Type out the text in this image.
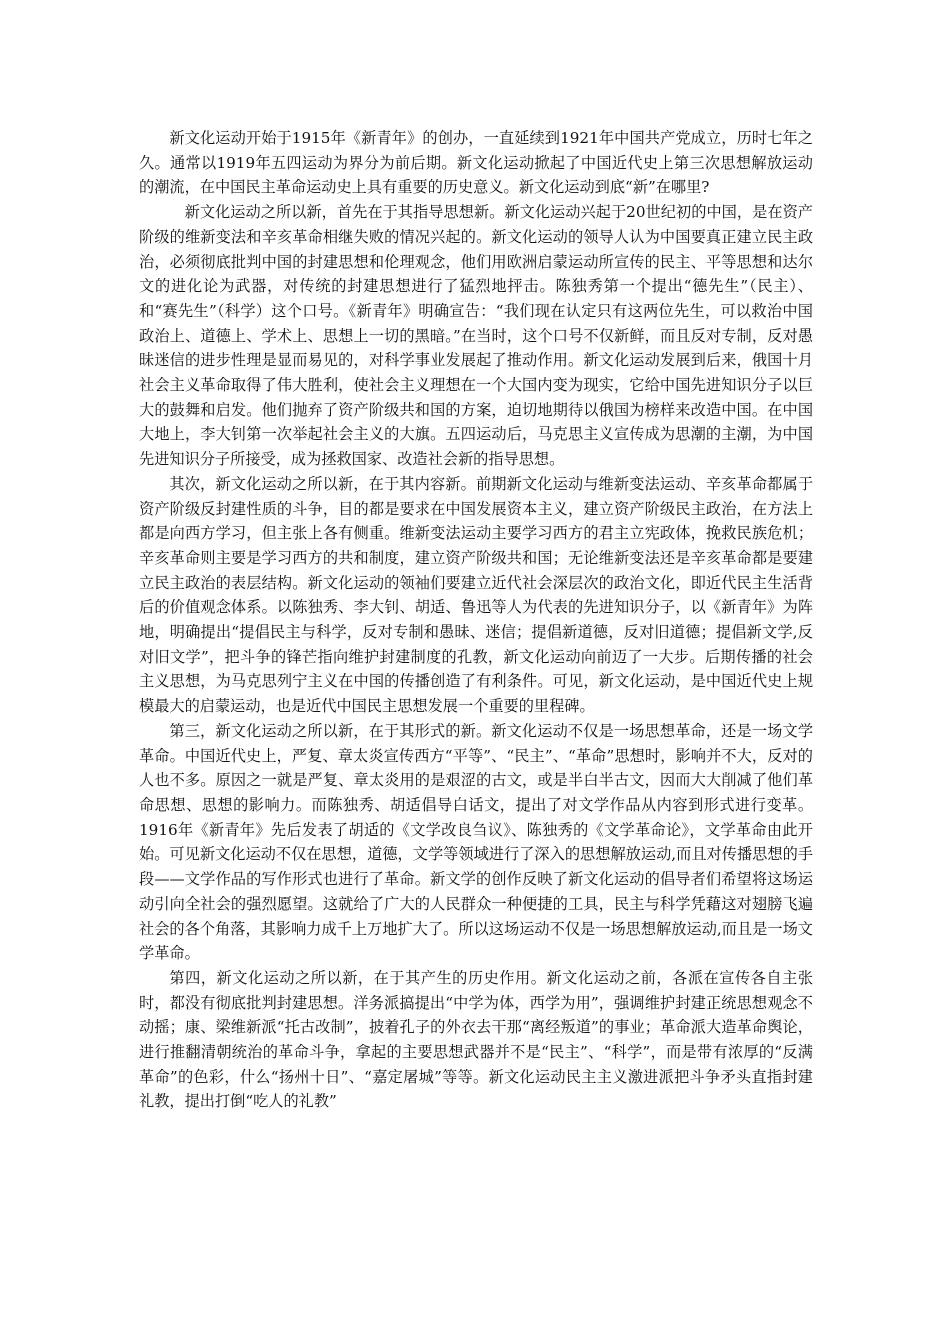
新文化运动开始于1915年《新青年》的创办，一直延续到1921年中国共产党成立，历时七年之久。通常以1919年五四运动为界分为前后期。新文化运动掀起了中国近代史上第三次思想解放运动的潮流，在中国民主革命运动史上具有重要的历史意义。新文化运动到底“新”在哪里?

新文化运动之所以新，首先在于其指导思想新。新文化运动兴起于20世纪初的中国，是在资产阶级的维新变法和辛亥革命相继失败的情况兴起的。新文化运动的领导人认为中国要真正建立民主政治，必须彻底批判中国的封建思想和伦理观念，他们用欧洲启蒙运动所宣传的民主、平等思想和达尔文的进化论为武器，对传统的封建思想进行了猛烈地抨击。陈独秀第一个提出“德先生”（民主）、和“赛先生”（科学）这个口号。《新青年》明确宣告：“我们现在认定只有这两位先生，可以救治中国政治上、道德上、学术上、思想上一切的黑暗。”在当时，这个口号不仅新鲜，而且反对专制，反对愚昧迷信的进步性理是显而易见的，对科学事业发展起了推动作用。新文化运动发展到后来，俄国十月社会主义革命取得了伟大胜利，使社会主义理想在一个大国内变为现实，它给中国先进知识分子以巨大的鼓舞和启发。他们抛弃了资产阶级共和国的方案，迫切地期待以俄国为榜样来改造中国。在中国大地上，李大钊第一次举起社会主义的大旗。五四运动后，马克思主义宣传成为思潮的主潮，为中国先进知识分子所接受，成为拯救国家、改造社会新的指导思想。

其次，新文化运动之所以新，在于其内容新。前期新文化运动与维新变法运动、辛亥革命都属于资产阶级反封建性质的斗争，目的都是要求在中国发展资本主义，建立资产阶级民主政治，在方法上都是向西方学习，但主张上各有侧重。维新变法运动主要学习西方的君主立宪政体，挽救民族危机；辛亥革命则主要是学习西方的共和制度，建立资产阶级共和国；无论维新变法还是辛亥革命都是要建立民主政治的表层结构。新文化运动的领袖们要建立近代社会深层次的政治文化，即近代民主生活背后的价值观念体系。以陈独秀、李大钊、胡适、鲁迅等人为代表的先进知识分子，以《新青年》为阵地，明确提出“提倡民主与科学，反对专制和愚昧、迷信；提倡新道德，反对旧道德；提倡新文学,反对旧文学”，把斗争的锋芒指向维护封建制度的孔教，新文化运动向前迈了一大步。后期传播的社会主义思想，为马克思列宁主义在中国的传播创造了有利条件。可见，新文化运动，是中国近代史上规模最大的启蒙运动，也是近代中国民主思想发展一个重要的里程碑。

第三，新文化运动之所以新，在于其形式的新。新文化运动不仅是一场思想革命，还是一场文学革命。中国近代史上，严复、章太炎宣传西方“平等”、“民主”、“革命”思想时，影响并不大，反对的人也不多。原因之一就是严复、章太炎用的是艰涩的古文，或是半白半古文，因而大大削减了他们革命思想、思想的影响力。而陈独秀、胡适倡导白话文，提出了对文学作品从内容到形式进行变革。1916年《新青年》先后发表了胡适的《文学改良刍议》、陈独秀的《文学革命论》，文学革命由此开始。可见新文化运动不仅在思想，道德，文学等领域进行了深入的思想解放运动,而且对传播思想的手段——文学作品的写作形式也进行了革命。新文学的创作反映了新文化运动的倡导者们希望将这场运动引向全社会的强烈愿望。这就给了广大的人民群众一种便捷的工具，民主与科学凭藉这对翅膀飞遍社会的各个角落，其影响力成千上万地扩大了。所以这场运动不仅是一场思想解放运动,而且是一场文学革命。

第四，新文化运动之所以新，在于其产生的历史作用。新文化运动之前，各派在宣传各自主张时，都没有彻底批判封建思想。洋务派搞提出“中学为体，西学为用”，强调维护封建正统思想观念不动摇；康、梁维新派“托古改制”，披着孔子的外衣去干那“离经叛道”的事业；革命派大造革命舆论，进行推翻清朝统治的革命斗争，拿起的主要思想武器并不是“民主”、“科学”，而是带有浓厚的“反满革命”的色彩，什么“扬州十日”、“嘉定屠城”等等。新文化运动民主主义激进派把斗争矛头直指封建礼教，提出打倒“吃人的礼教”
